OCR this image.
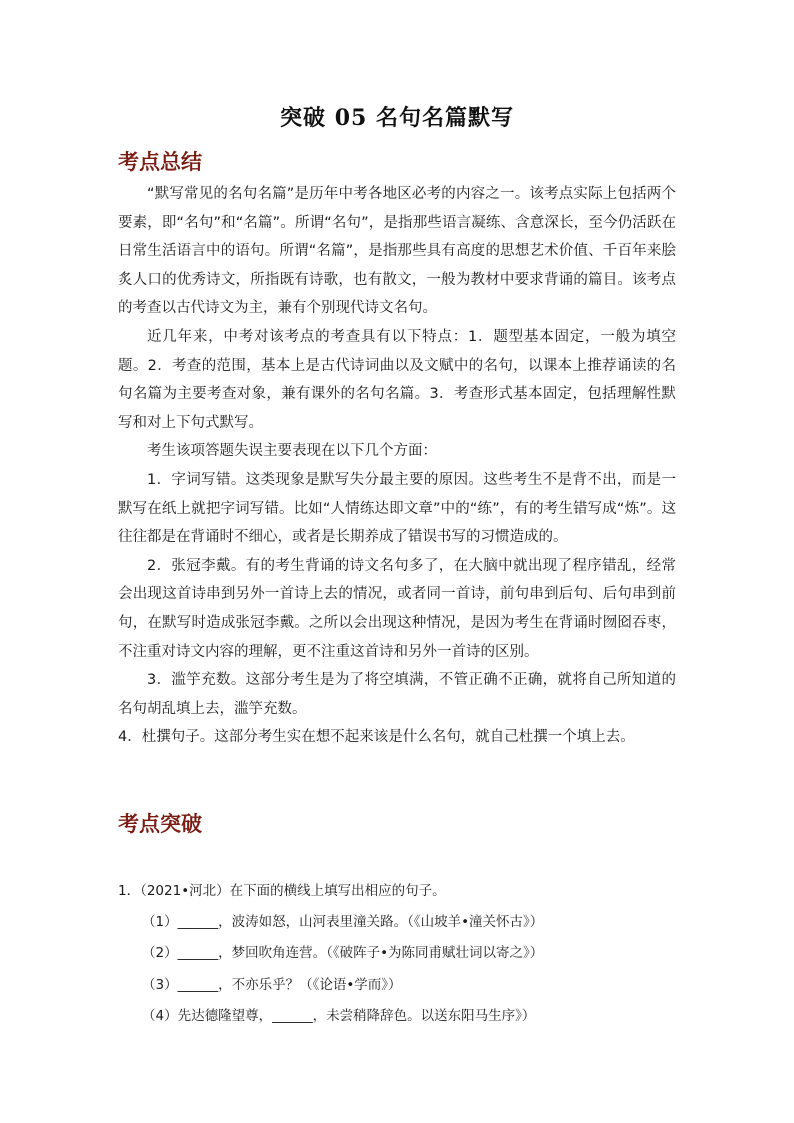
突破 05 名句名篇默写
考点总结

“默写常见的名句名篇”是历年中考各地区必考的内容之一。该考点实际上包括两个要素，即“名句”和“名篇”。所谓“名句”，是指那些语言凝练、含意深长，至今仍活跃在日常生活语言中的语句。所谓“名篇”，是指那些具有高度的思想艺术价值、千百年来脍炙人口的优秀诗文，所指既有诗歌，也有散文，一般为教材中要求背诵的篇目。该考点的考查以古代诗文为主，兼有个别现代诗文名句。

近几年来，中考对该考点的考查具有以下特点：1．题型基本固定，一般为填空题。2．考查的范围，基本上是古代诗词曲以及文赋中的名句，以课本上推荐诵读的名句名篇为主要考查对象，兼有课外的名句名篇。3．考查形式基本固定，包括理解性默写和对上下句式默写。

考生该项答题失误主要表现在以下几个方面：

1．字词写错。这类现象是默写失分最主要的原因。这些考生不是背不出，而是一默写在纸上就把字词写错。比如“人情练达即文章”中的“练”，有的考生错写成“炼”。这往往都是在背诵时不细心，或者是长期养成了错误书写的习惯造成的。

2．张冠李戴。有的考生背诵的诗文名句多了，在大脑中就出现了程序错乱，经常会出现这首诗串到另外一首诗上去的情况，或者同一首诗，前句串到后句、后句串到前句，在默写时造成张冠李戴。之所以会出现这种情况，是因为考生在背诵时囫囵吞枣，不注重对诗文内容的理解，更不注重这首诗和另外一首诗的区别。

3．滥竽充数。这部分考生是为了将空填满，不管正确不正确，就将自己所知道的名句胡乱填上去，滥竽充数。

4．杜撰句子。这部分考生实在想不起来该是什么名句，就自己杜撰一个填上去。

考点突破

1．（2021•河北）在下面的横线上填写出相应的句子。

（1）______，波涛如怒，山河表里潼关路。（《山坡羊•潼关怀古》）

（2）______，梦回吹角连营。（《破阵子•为陈同甫赋壮词以寄之》）

（3）______，不亦乐乎？（《论语•学而》）

（4）先达德隆望尊，______，未尝稍降辞色。以送东阳马生序》）
